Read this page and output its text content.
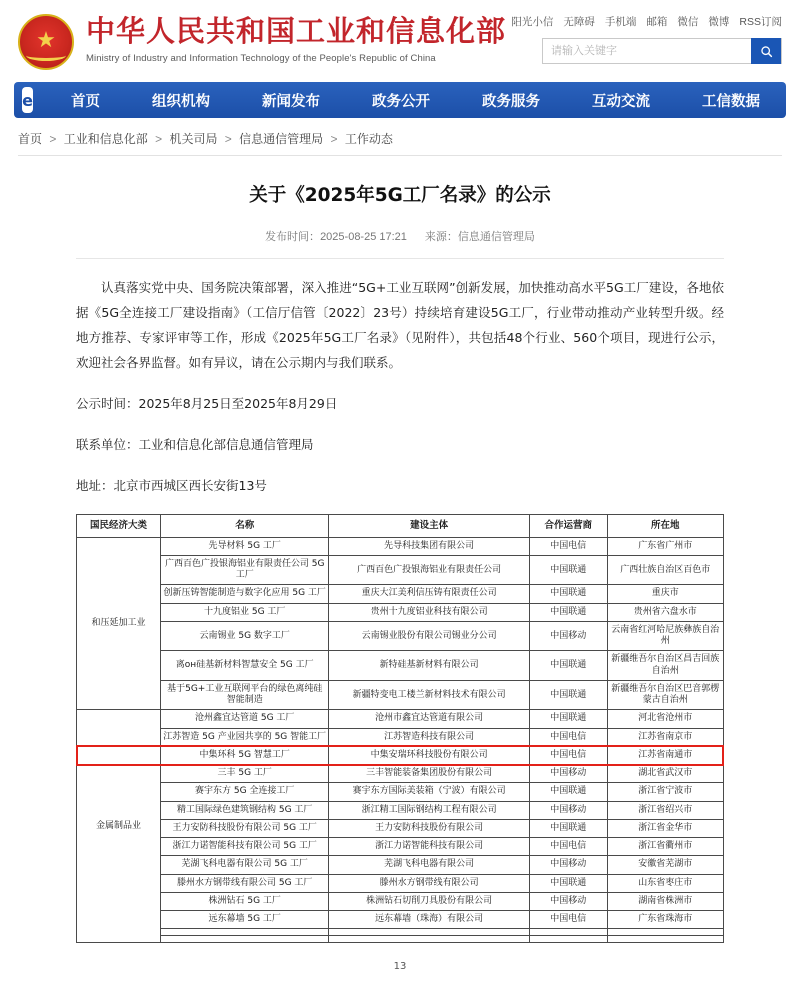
★
中华人民共和国工业和信息化部
Ministry of Industry and Information Technology of the People's Republic of China
阳光小信 无障碍 手机端 邮箱 微信 微博 RSS订阅
请输入关键字
e	首页	组织机构	新闻发布	政务公开	政务服务	互动交流	工信数据
首页 > 工业和信息化部 > 机关司局 > 信息通信管理局 > 工作动态
关于《2025年5G工厂名录》的公示
发布时间：2025-08-25 17:21 来源：信息通信管理局
认真落实党中央、国务院决策部署，深入推进“5G+工业互联网”创新发展，加快推动高水平5G工厂建设，各地依据《5G全连接工厂建设指南》（工信厅信管〔2022〕23号）持续培育建设5G工厂，行业带动推动产业转型升级。经地方推荐、专家评审等工作，形成《2025年5G工厂名录》（见附件），共包括48个行业、560个项目，现进行公示，欢迎社会各界监督。如有异议，请在公示期内与我们联系。
公示时间：2025年8月25日至2025年8月29日
联系单位：工业和信息化部信息通信管理局
地址：北京市西城区西长安街13号
国民经济大类	名称	建设主体	合作运营商	所在地
和压延加工业	先导材料 5G 工厂	先导科技集团有限公司	中国电信	广东省广州市
	广西百色广投银海铝业有限责任公司 5G 工厂	广西百色广投银海铝业有限责任公司	中国联通	广西壮族自治区百色市
	创新压铸智能制造与数字化应用 5G 工厂	重庆大江美利信压铸有限责任公司	中国联通	重庆市
	十九度铝业 5G 工厂	贵州十九度铝业科技有限公司	中国联通	贵州省六盘水市
	云南锡业 5G 数字工厂	云南锡业股份有限公司锡业分公司	中国移动	云南省红河哈尼族彝族自治州
	离он硅基新材料智慧安全 5G 工厂	新特硅基新材料有限公司	中国联通	新疆维吾尔自治区昌吉回族自治州
	基于5G+工业互联网平台的绿色离纯硅智能制造	新疆特变电工楼兰新材料技术有限公司	中国联通	新疆维吾尔自治区巴音郭楞蒙古自治州
金属制品业	沧州鑫宜达管道 5G 工厂	沧州市鑫宜达管道有限公司	中国联通	河北省沧州市
	江苏智造 5G 产业园共享的 5G 智能工厂	江苏智造科技有限公司	中国电信	江苏省南京市
	中集环科 5G 智慧工厂	中集安瑞环科技股份有限公司	中国电信	江苏省南通市
	三丰 5G 工厂	三丰智能装备集团股份有限公司	中国移动	湖北省武汉市
	赛宇东方 5G 全连接工厂	赛宇东方国际美装箱（宁波）有限公司	中国联通	浙江省宁波市
	精工国际绿色建筑钢结构 5G 工厂	浙江精工国际钢结构工程有限公司	中国移动	浙江省绍兴市
	王力安防科技股份有限公司 5G 工厂	王力安防科技股份有限公司	中国联通	浙江省金华市
	浙江力诺智能科技有限公司 5G 工厂	浙江力诺智能科技有限公司	中国电信	浙江省衢州市
	芜湖飞科电器有限公司 5G 工厂	芜湖飞科电器有限公司	中国移动	安徽省芜湖市
	滕州水方钢带线有限公司 5G 工厂	滕州水方钢带线有限公司	中国联通	山东省枣庄市
	株洲钻石 5G 工厂	株洲钻石切削刀具股份有限公司	中国移动	湖南省株洲市
	远东幕墙 5G 工厂	远东幕墙（珠海）有限公司	中国电信	广东省珠海市

13
